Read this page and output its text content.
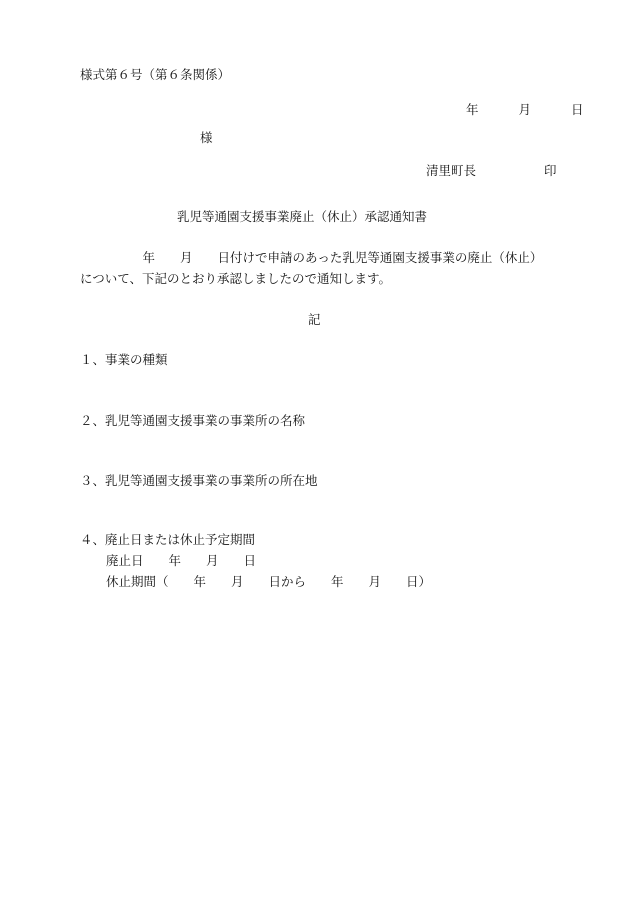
様式第６号（第６条関係）

年	月	日

様

清里町長	印

乳児等通園支援事業廃止（休止）承認通知書
　　　　　年　　月　　日付けで申請のあった乳児等通園支援事業の廃止（休止）
について、下記のとおり承認しましたので通知します。
記
１、事業の種類
２、乳児等通園支援事業の事業所の名称
３、乳児等通園支援事業の事業所の所在地
４、廃止日または休止予定期間
廃止日　　年　　月　　日
休止期間（　　年　　月　　日から　　年　　月　　日）
